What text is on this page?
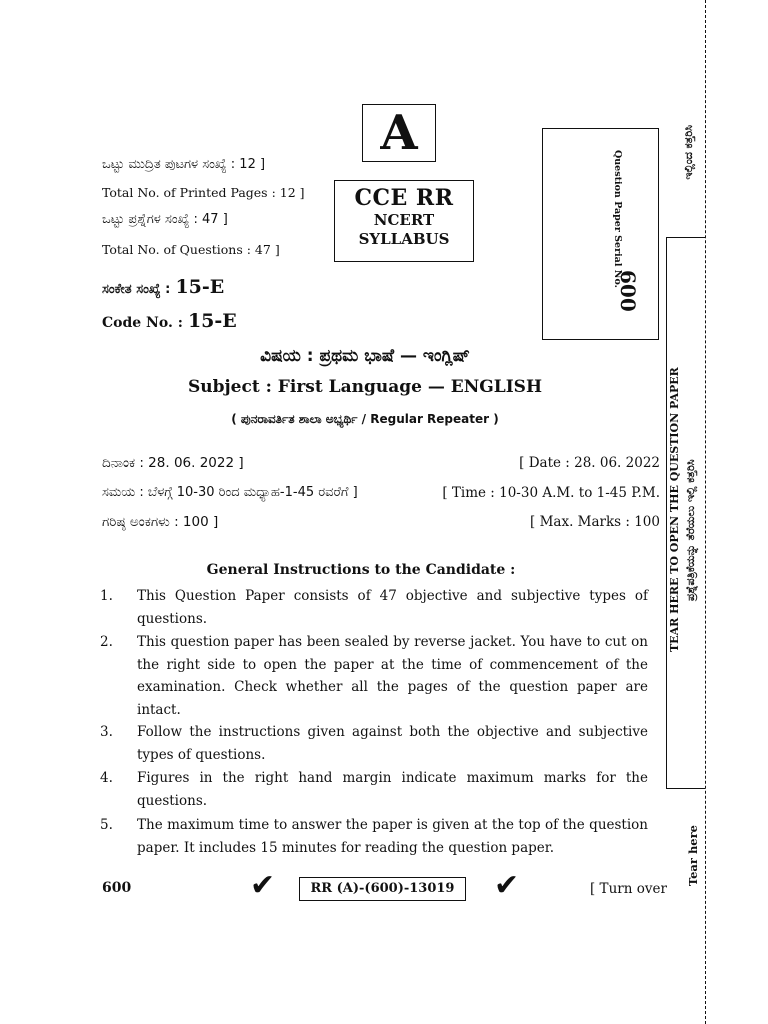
A
ಒಟ್ಟು ಮುದ್ರಿತ ಪುಟಗಳ ಸಂಖ್ಯೆ : 12 ]
Total No. of Printed Pages : 12 ]
ಒಟ್ಟು ಪ್ರಶ್ನೆಗಳ ಸಂಖ್ಯೆ : 47 ]
Total No. of Questions : 47 ]
CCE RR
NCERT
SYLLABUS	Question Paper Serial No.
600
ಸಂಕೇತ ಸಂಖ್ಯೆ : 15-E
Code No. : 15-E
ವಿಷಯ : ಪ್ರಥಮ ಭಾಷೆ — ಇಂಗ್ಲಿಷ್
Subject : First Language — ENGLISH
( ಪುನರಾವರ್ತಿತ ಶಾಲಾ ಅಭ್ಯರ್ಥಿ / Regular Repeater )
ದಿನಾಂಕ : 28. 06. 2022 ]	[ Date : 28. 06. 2022
ಸಮಯ : ಬೆಳಗ್ಗೆ 10-30 ರಿಂದ ಮಧ್ಯಾಹ-1-45 ರವರೆಗೆ ]	[ Time : 10-30 A.M. to 1-45 P.M.
ಗರಿಷ್ಠ ಅಂಕಗಳು : 100 ]	[ Max. Marks : 100
General Instructions to the Candidate :
1. This Question Paper consists of 47 objective and subjective types of questions.
2. This question paper has been sealed by reverse jacket. You have to cut on the right side to open the paper at the time of commencement of the examination. Check whether all the pages of the question paper are intact.
3. Follow the instructions given against both the objective and subjective types of questions.
4. Figures in the right hand margin indicate maximum marks for the questions.
5. The maximum time to answer the paper is given at the top of the question paper. It includes 15 minutes for reading the question paper.
600	✔	RR (A)-(600)-13019	✔	[ Turn over
ಇಲ್ಲಿಂದ ಕತ್ತರಿಸಿ
TEAR HERE TO OPEN THE QUESTION PAPER ಪ್ರಶ್ನೆಪತ್ರಿಕೆಯನ್ನು ತೆರೆಯಲು ಇಲ್ಲಿ ಕತ್ತರಿಸಿ
Tear here
